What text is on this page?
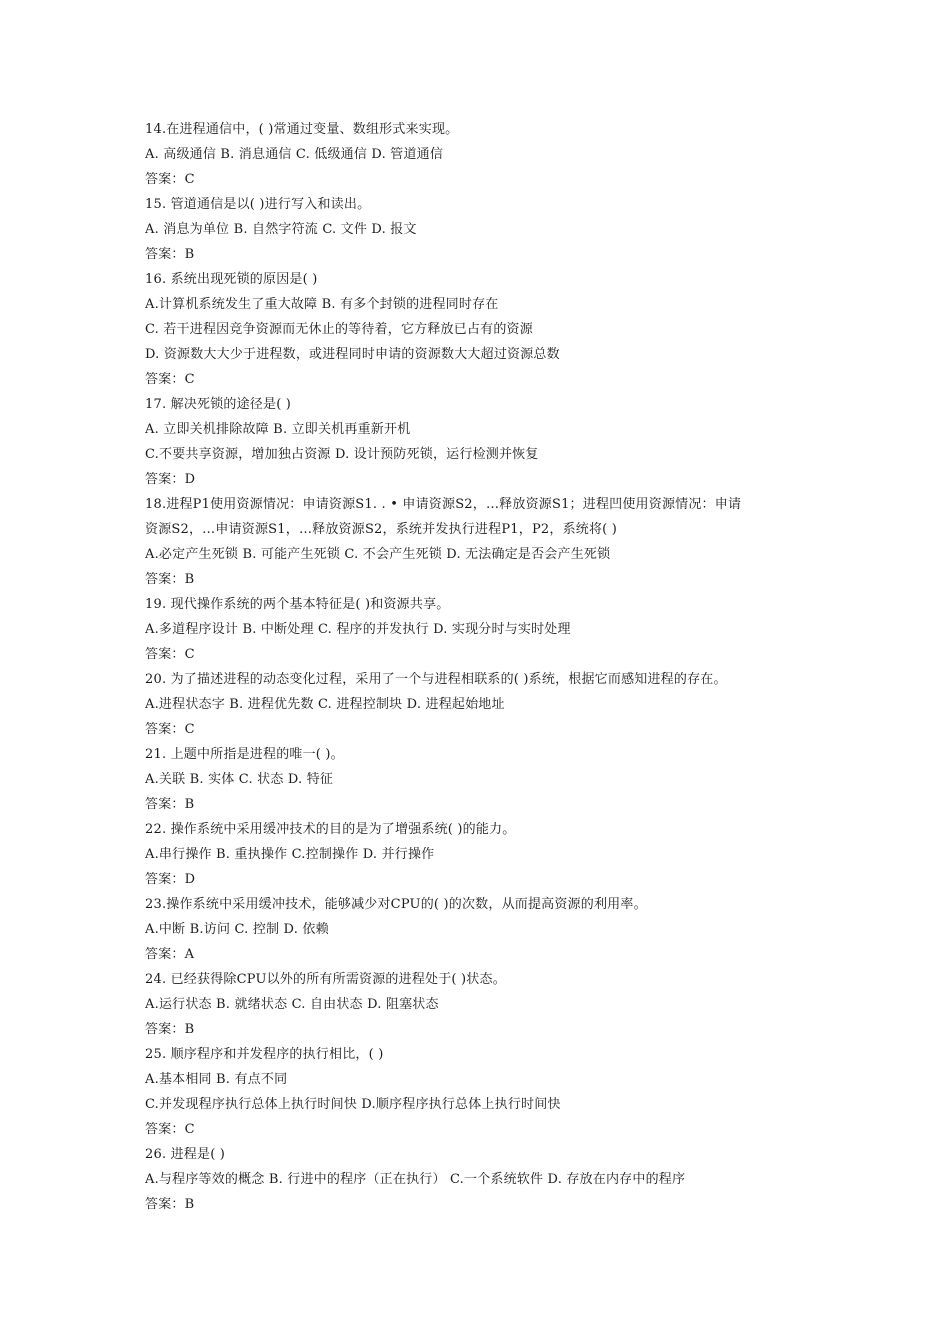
14.在进程通信中，( )常通过变量、数组形式来实现。
A. 高级通信 B. 消息通信 C. 低级通信 D. 管道通信
答案：C
15. 管道通信是以( )进行写入和读出。
A. 消息为单位 B. 自然字符流 C. 文件 D. 报文
答案：B
16. 系统出现死锁的原因是( )
A.计算机系统发生了重大故障 B. 有多个封锁的进程同时存在
C. 若干进程因竞争资源而无休止的等待着，它方释放已占有的资源
D. 资源数大大少于进程数，或进程同时申请的资源数大大超过资源总数
答案：C
17. 解决死锁的途径是( )
A. 立即关机排除故障 B. 立即关机再重新开机
C.不要共享资源，增加独占资源 D. 设计预防死锁，运行检测并恢复
答案：D
18.进程P1使用资源情况：申请资源S1. . • 申请资源S2，…释放资源S1；进程凹使用资源情况：申请
资源S2，…申请资源S1，…释放资源S2，系统并发执行进程P1，P2，系统将( )
A.必定产生死锁 B. 可能产生死锁 C. 不会产生死锁 D. 无法确定是否会产生死锁
答案：B
19. 现代操作系统的两个基本特征是( )和资源共享。
A.多道程序设计 B. 中断处理 C. 程序的并发执行 D. 实现分时与实时处理
答案：C
20. 为了描述进程的动态变化过程，采用了一个与进程相联系的( )系统，根据它而感知进程的存在。
A.进程状态字 B. 进程优先数 C. 进程控制块 D. 进程起始地址
答案：C
21. 上题中所指是进程的唯一( )。
A.关联 B. 实体 C. 状态 D. 特征
答案：B
22. 操作系统中采用缓冲技术的目的是为了增强系统( )的能力。
A.串行操作 B. 重执操作 C.控制操作 D. 并行操作
答案：D
23.操作系统中采用缓冲技术，能够减少对CPU的( )的次数，从而提高资源的利用率。
A.中断 B.访问 C. 控制 D. 依赖
答案：A
24. 已经获得除CPU以外的所有所需资源的进程处于( )状态。
A.运行状态 B. 就绪状态 C. 自由状态 D. 阻塞状态
答案：B
25. 顺序程序和并发程序的执行相比，( )
A.基本相同 B. 有点不同
C.并发现程序执行总体上执行时间快 D.顺序程序执行总体上执行时间快
答案：C
26. 进程是( )
A.与程序等效的概念 B. 行进中的程序（正在执行） C.一个系统软件 D. 存放在内存中的程序
答案：B
